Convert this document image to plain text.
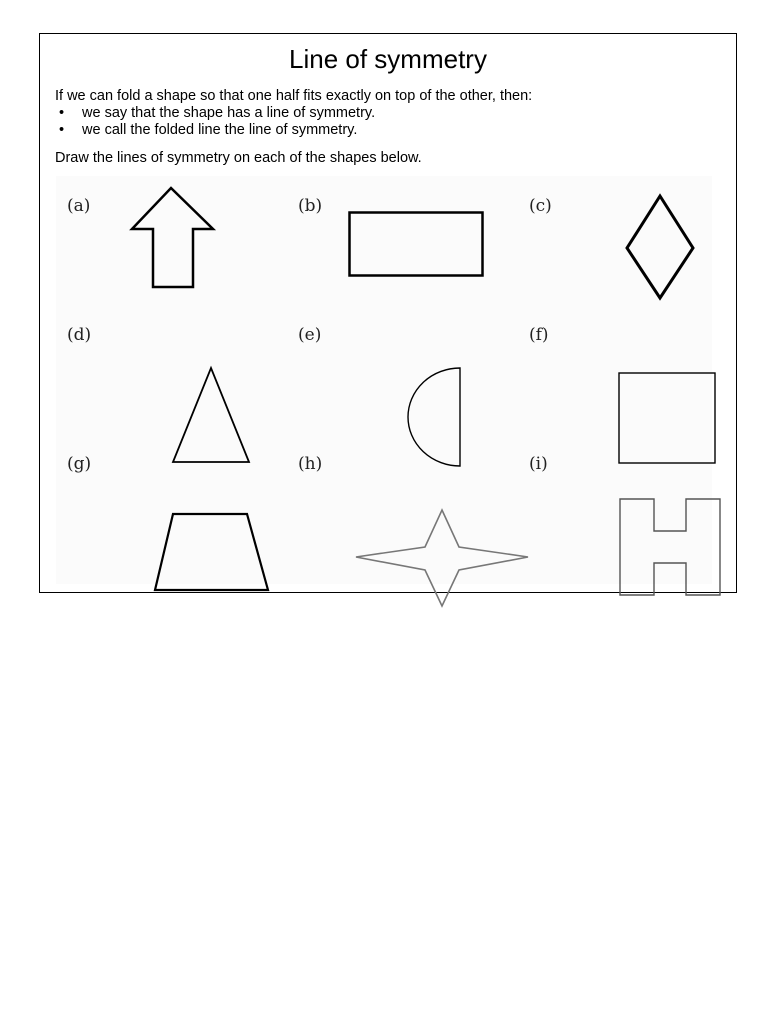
Line of symmetry
If we can fold a shape so that one half fits exactly on top of the other, then:
• we say that the shape has a line of symmetry.
• we call the folded line the line of symmetry.
Draw the lines of symmetry on each of the shapes below.
(a)	(b)	(c)
(d)	(e)	(f)
(g)	(h)	(i)
